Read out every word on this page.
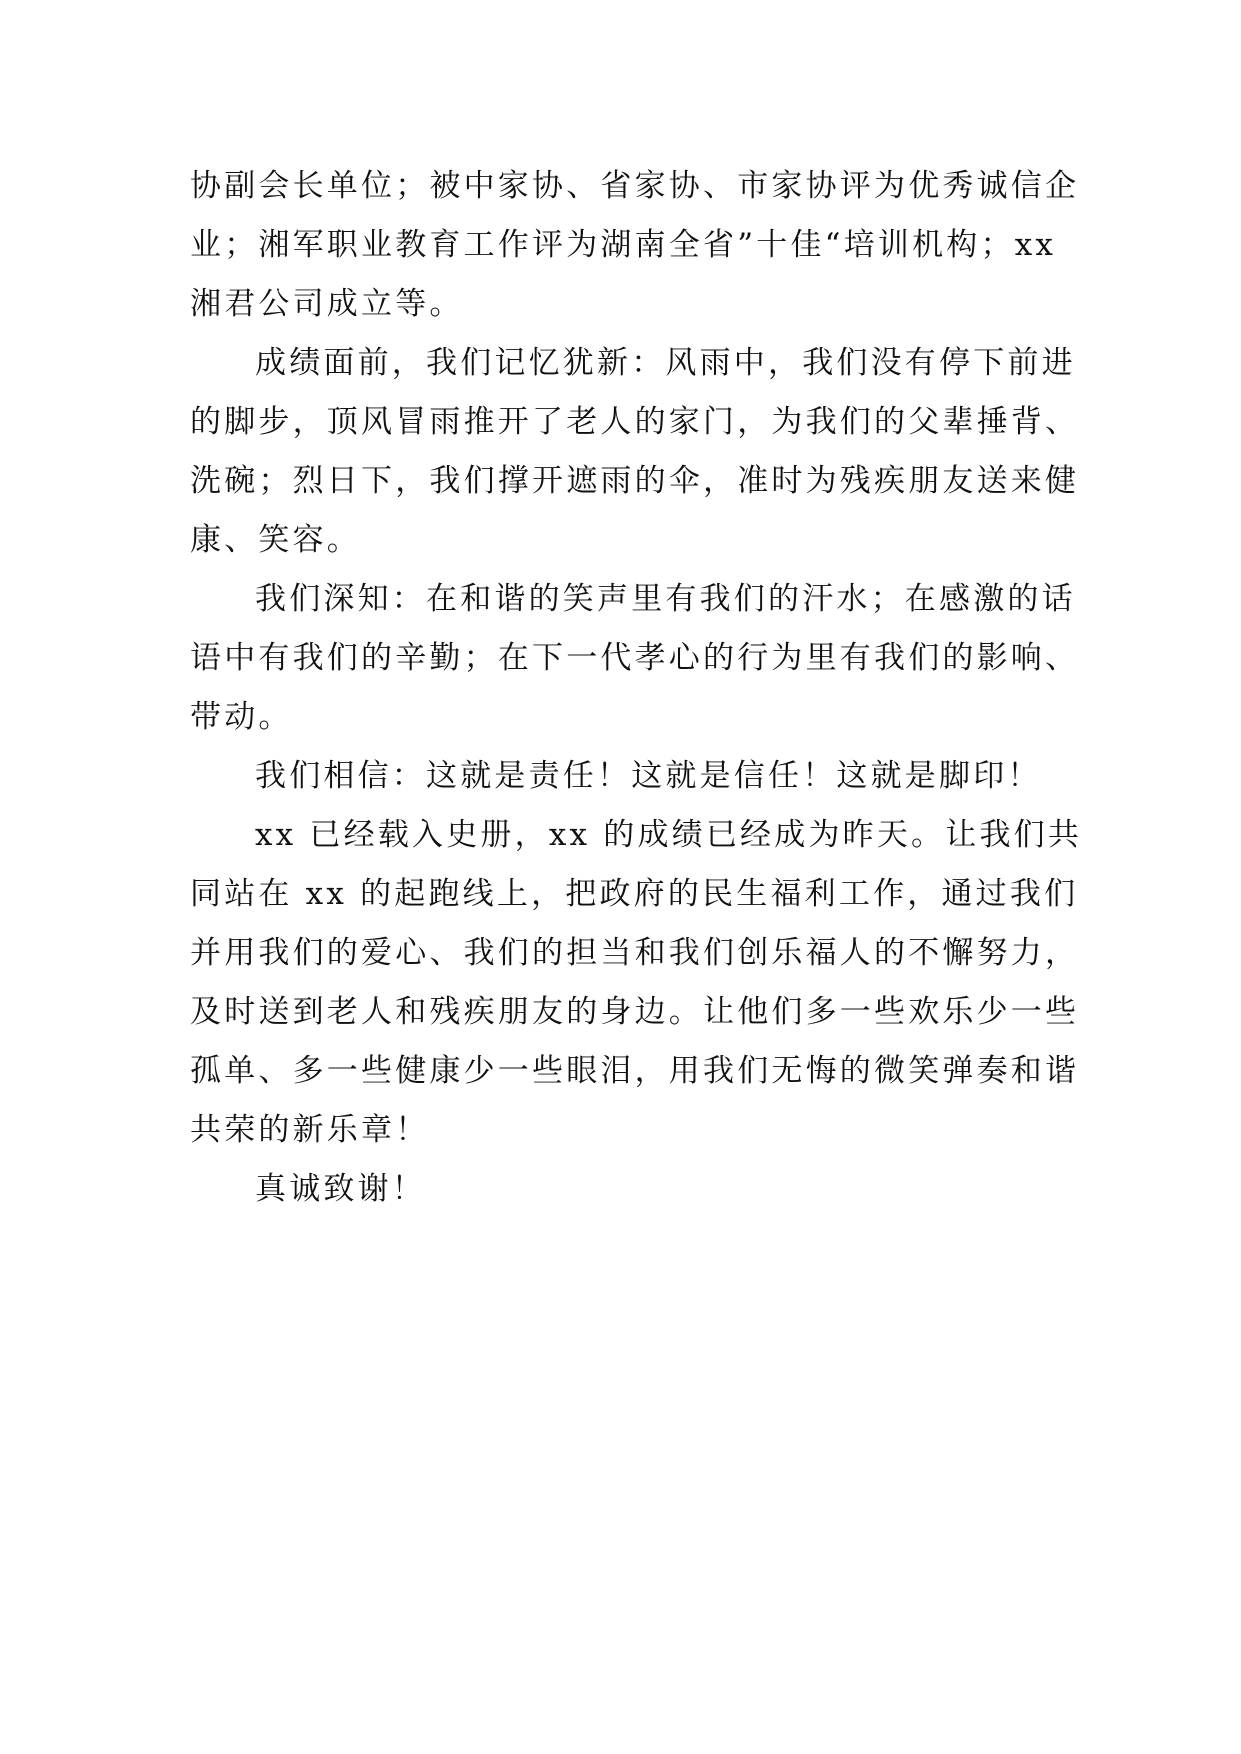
协副会长单位；被中家协、省家协、市家协评为优秀诚信企
业；湘军职业教育工作评为湖南全省”十佳“培训机构；xx
湘君公司成立等。
成绩面前，我们记忆犹新：风雨中，我们没有停下前进
的脚步，顶风冒雨推开了老人的家门，为我们的父辈捶背、
洗碗；烈日下，我们撑开遮雨的伞，准时为残疾朋友送来健
康、笑容。
我们深知：在和谐的笑声里有我们的汗水；在感激的话
语中有我们的辛勤；在下一代孝心的行为里有我们的影响、
带动。
我们相信：这就是责任！这就是信任！这就是脚印！
xx 已经载入史册，xx 的成绩已经成为昨天。让我们共
同站在 xx 的起跑线上，把政府的民生福利工作，通过我们
并用我们的爱心、我们的担当和我们创乐福人的不懈努力，
及时送到老人和残疾朋友的身边。让他们多一些欢乐少一些
孤单、多一些健康少一些眼泪，用我们无悔的微笑弹奏和谐
共荣的新乐章！
真诚致谢！
